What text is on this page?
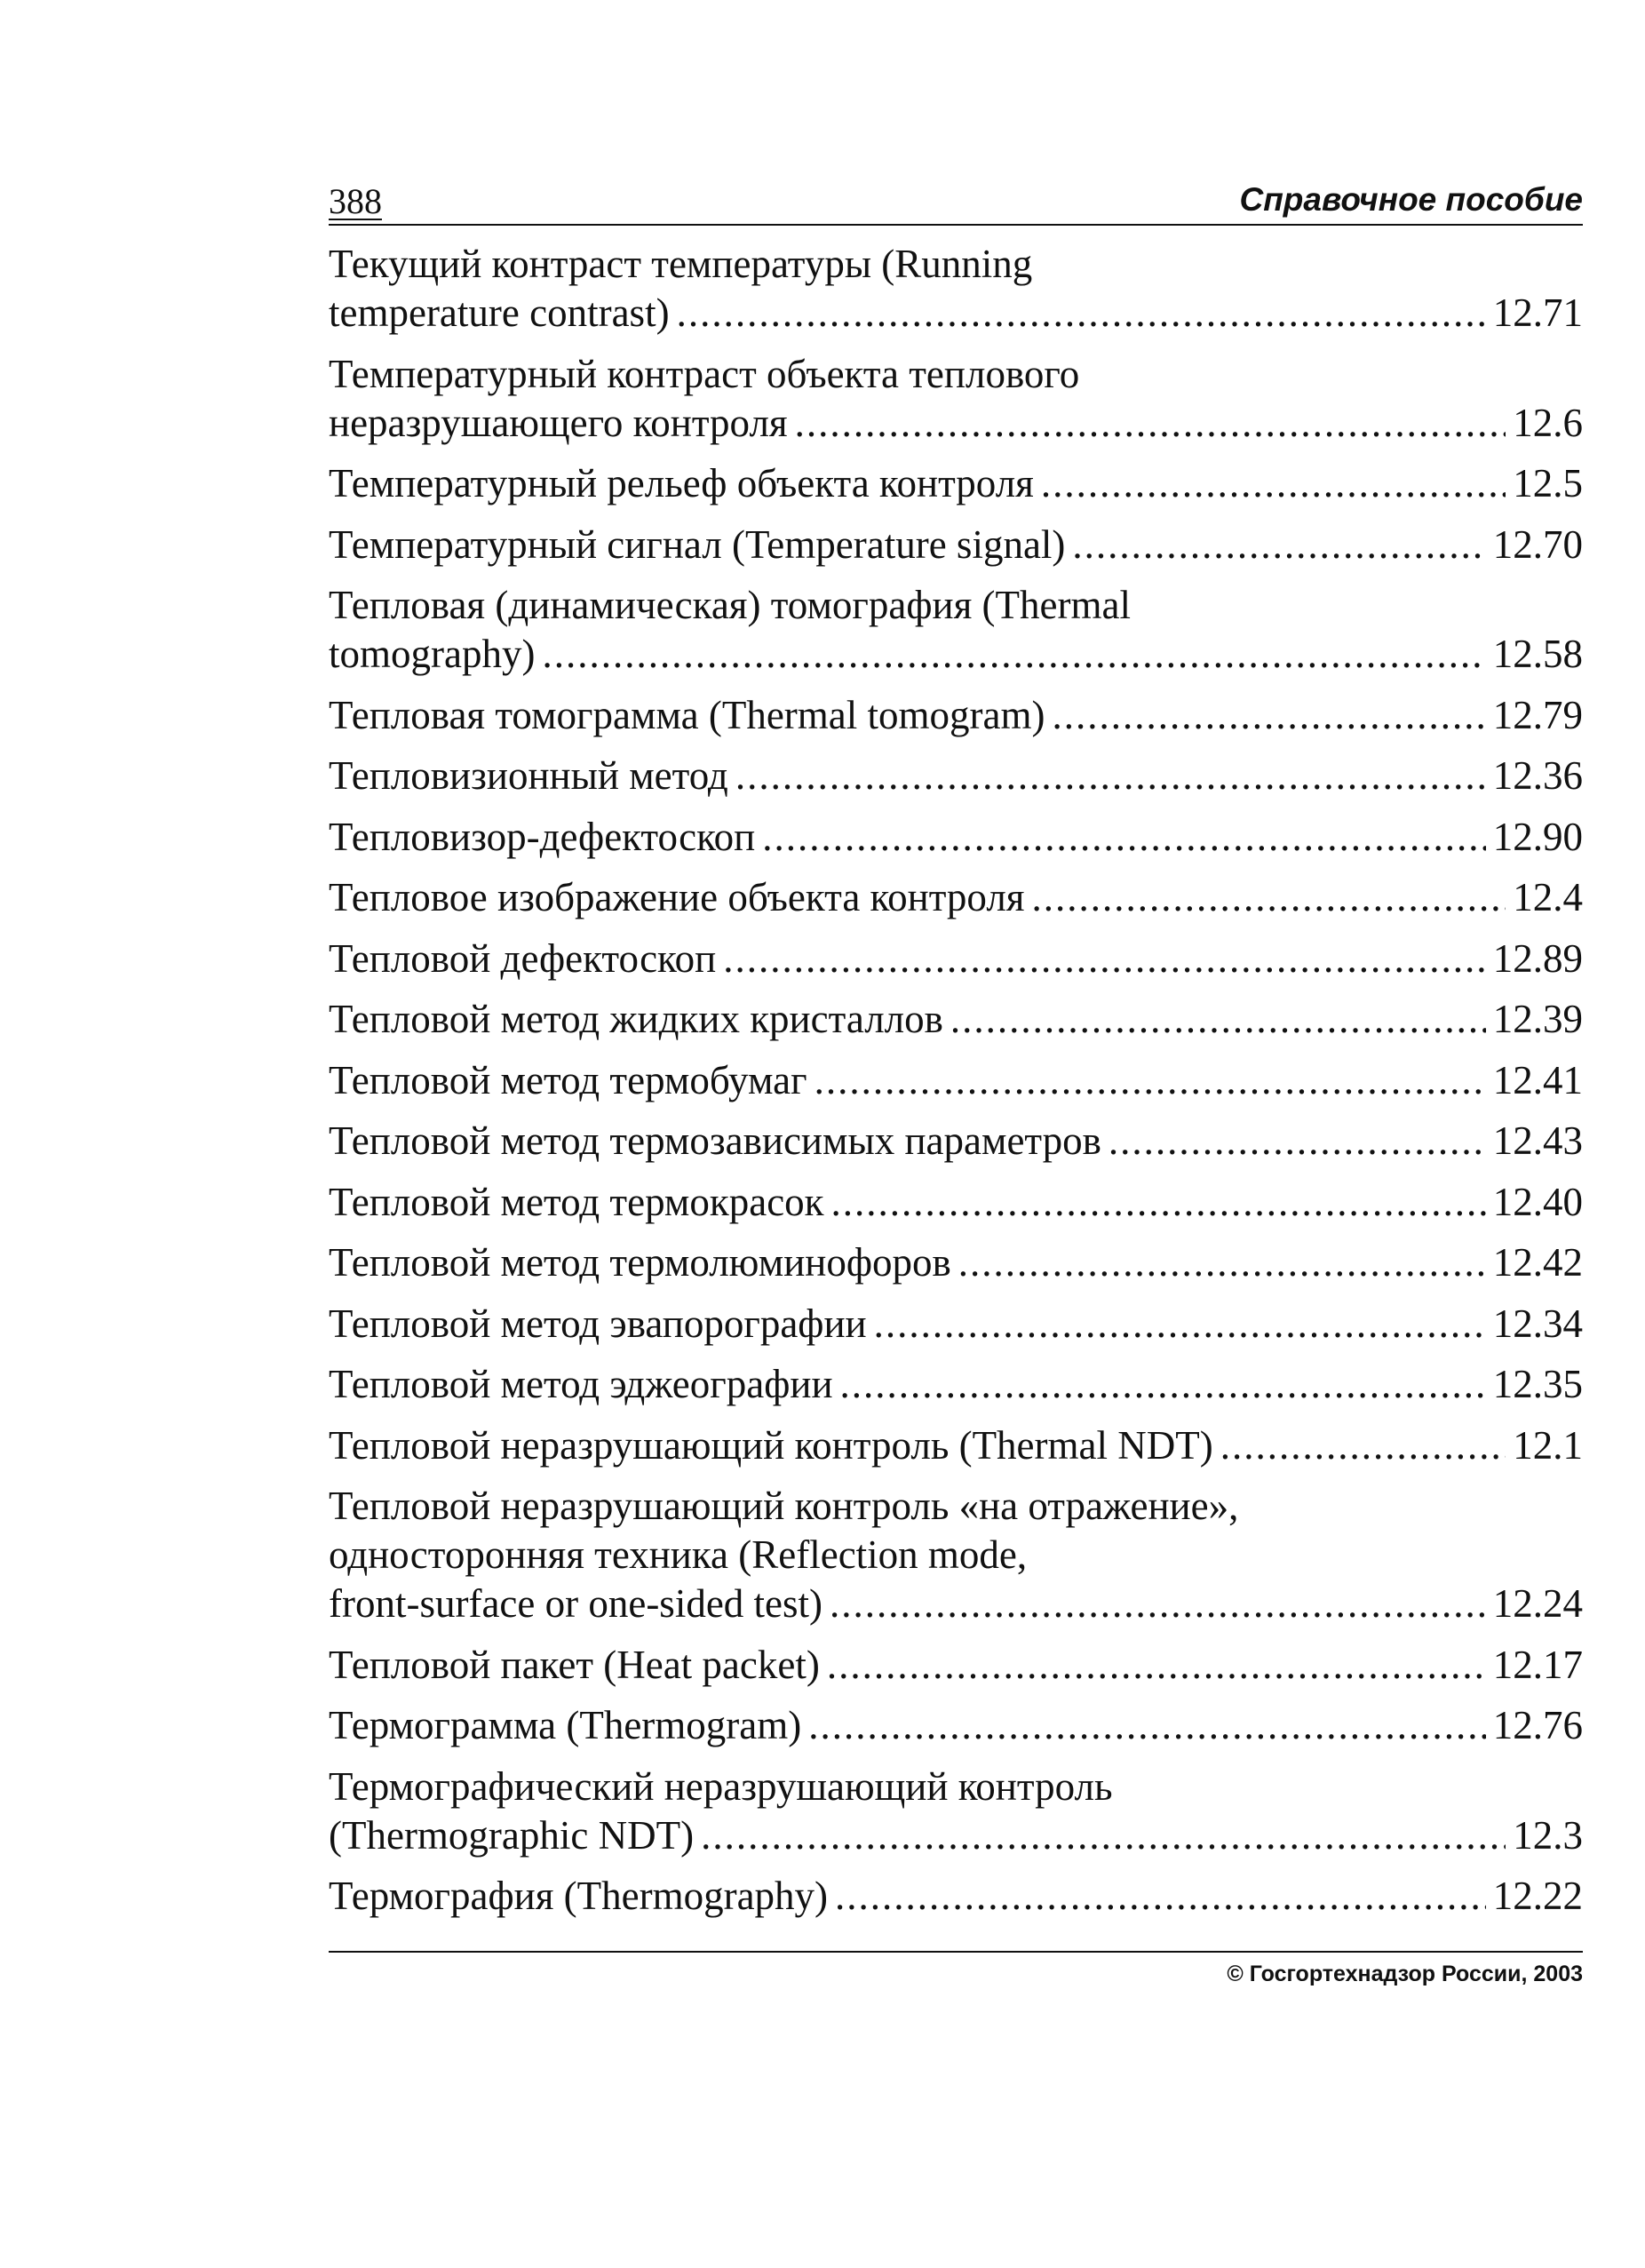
388	Справочное пособие
Текущий контраст температуры (Running
temperature contrast) .....	12.71
Температурный контраст объекта теплового
неразрушающего контроля .....	12.6
Температурный рельеф объекта контроля .....	12.5
Температурный сигнал (Temperature signal) .....	12.70
Тепловая (динамическая) томография (Thermal
tomography) .....	12.58
Тепловая томограмма (Thermal tomogram) .....	12.79
Тепловизионный метод .....	12.36
Тепловизор-дефектоскоп .....	12.90
Тепловое изображение объекта контроля .....	12.4
Тепловой дефектоскоп .....	12.89
Тепловой метод жидких кристаллов .....	12.39
Тепловой метод термобумаг .....	12.41
Тепловой метод термозависимых параметров .....	12.43
Тепловой метод термокрасок .....	12.40
Тепловой метод термолюминофоров .....	12.42
Тепловой метод эвапорографии .....	12.34
Тепловой метод эджеографии .....	12.35
Тепловой неразрушающий контроль (Thermal NDT) .....	12.1
Тепловой неразрушающий контроль «на отражение»,
односторонняя техника (Reflection mode,
front-surface or one-sided test) .....	12.24
Тепловой пакет (Heat packet) .....	12.17
Термограмма (Thermogram) .....	12.76
Термографический неразрушающий контроль
(Thermographic NDT) .....	12.3
Термография (Thermography) .....	12.22
© Госгортехнадзор России, 2003
